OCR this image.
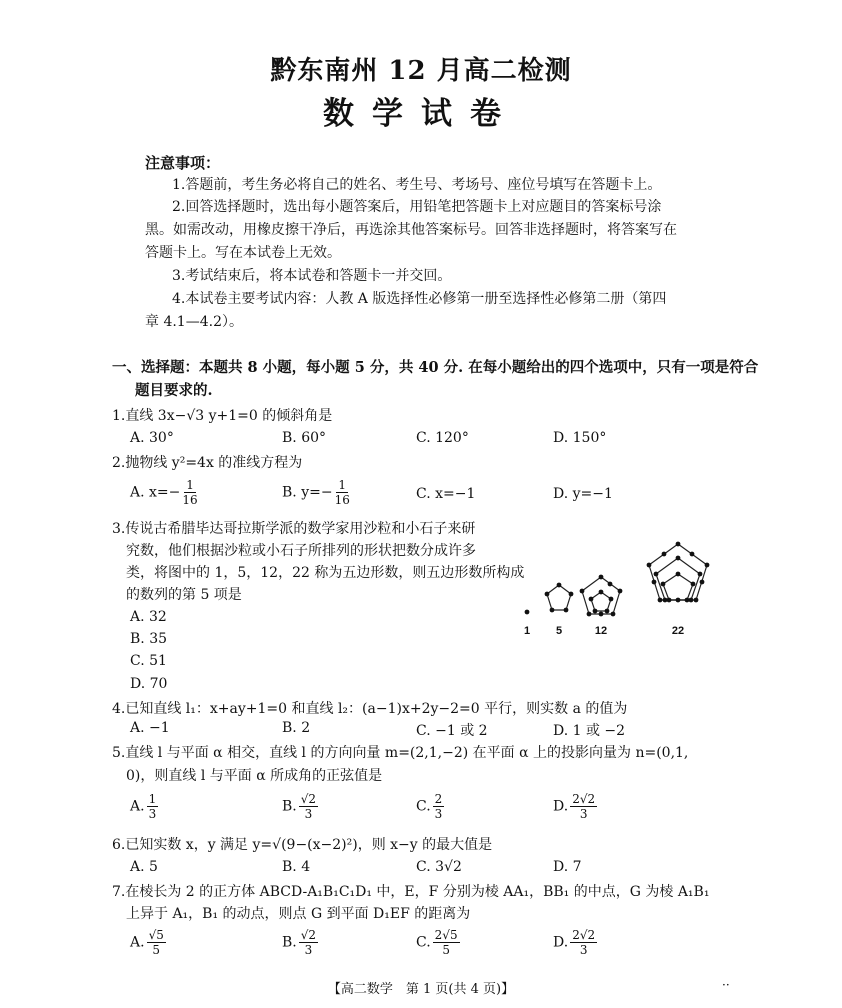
黔东南州 12 月高二检测
数学试卷
注意事项：
1.答题前，考生务必将自己的姓名、考生号、考场号、座位号填写在答题卡上。
2.回答选择题时，选出每小题答案后，用铅笔把答题卡上对应题目的答案标号涂
黑。如需改动，用橡皮擦干净后，再选涂其他答案标号。回答非选择题时，将答案写在
答题卡上。写在本试卷上无效。
3.考试结束后，将本试卷和答题卡一并交回。
4.本试卷主要考试内容：人教 A 版选择性必修第一册至选择性必修第二册（第四
章 4.1—4.2）。
一、选择题：本题共 8 小题，每小题 5 分，共 40 分. 在每小题给出的四个选项中，只有一项是符合
题目要求的.
1.直线 3x−√3 y+1=0 的倾斜角是
A. 30°	B. 60°	C. 120°	D. 150°
2.抛物线 y²=4x 的准线方程为
A. $x=- \frac{1}{16}$	B. $y=- \frac{1}{16}$	C. x=−1	D. y=−1
3.传说古希腊毕达哥拉斯学派的数学家用沙粒和小石子来研
究数，他们根据沙粒或小石子所排列的形状把数分成许多
类，将图中的 1，5，12，22 称为五边形数，则五边形数所构成
的数列的第 5 项是
A. 32
B. 35
C. 51
D. 70
1 5	12	22
4.已知直线 l₁：x+ay+1=0 和直线 l₂：(a−1)x+2y−2=0 平行，则实数 a 的值为
A. −1	B. 2	C. −1 或 2	D. 1 或 −2
5.直线 l 与平面 α 相交，直线 l 的方向向量 m=(2,1,−2) 在平面 α 上的投影向量为 n=(0,1,
0)，则直线 l 与平面 α 所成角的正弦值是
A. $\frac{1}{3}$	B. $\frac{√2}{3}$	C. $\frac{2}{3}$	D. $\frac{2√2}{3}$
6.已知实数 x，y 满足 y=√(9−(x−2)²)，则 x−y 的最大值是
A. 5	B. 4	C. 3√2	D. 7
7.在棱长为 2 的正方体 ABCD-A₁B₁C₁D₁ 中，E，F 分别为棱 AA₁，BB₁ 的中点，G 为棱 A₁B₁
上异于 A₁，B₁ 的动点，则点 G 到平面 D₁EF 的距离为
A. $\frac{√5}{5}$	B. $\frac{√2}{3}$	C. $\frac{2√5}{5}$	D. $\frac{2√2}{3}$
【高二数学　第 1 页(共 4 页)】	··
